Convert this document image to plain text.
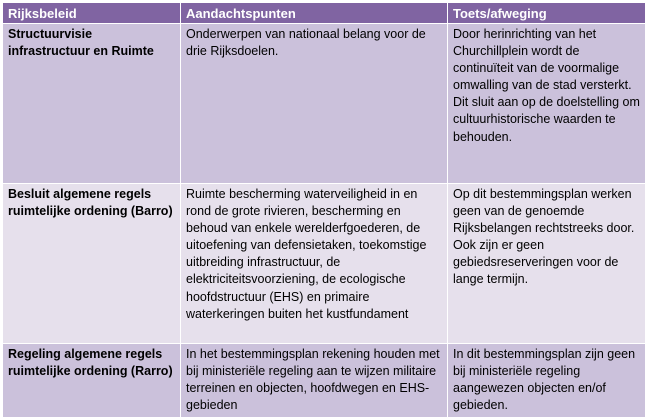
Rijksbeleid	Aandachtspunten	Toets/afweging
Structuurvisie infrastructuur en Ruimte	Onderwerpen van nationaal belang voor de drie Rijksdoelen.	Door herinrichting van het Churchillplein wordt de continuïteit van de voormalige omwalling van de stad versterkt. Dit sluit aan op de doelstelling om cultuurhistorische waarden te behouden.
Besluit algemene regels ruimtelijke ordening (Barro)	Ruimte bescherming waterveiligheid in en rond de grote rivieren, bescherming en behoud van enkele werelderfgoederen, de uitoefening van defensietaken, toekomstige uitbreiding infrastructuur, de elektriciteitsvoorziening, de ecologische hoofdstructuur (EHS) en primaire waterkeringen buiten het kustfundament	Op dit bestemmingsplan werken geen van de genoemde Rijksbelangen rechtstreeks door. Ook zijn er geen gebiedsreserveringen voor de lange termijn.
Regeling algemene regels ruimtelijke ordening (Rarro)	In het bestemmingsplan rekening houden met bij ministeriële regeling aan te wijzen militaire terreinen en objecten, hoofdwegen en EHS-gebieden	In dit bestemmingsplan zijn geen bij ministeriële regeling aangewezen objecten en/of gebieden.
